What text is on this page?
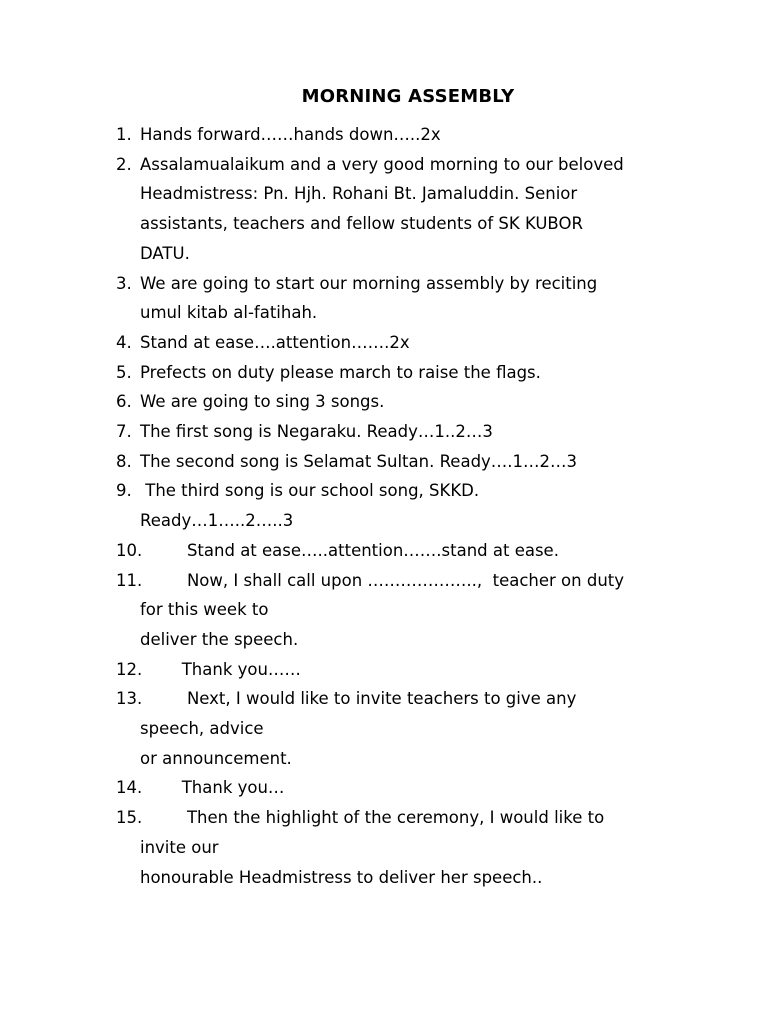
MORNING ASSEMBLY
1. Hands forward……hands down…..2x
2. Assalamualaikum and a very good morning to our beloved
Headmistress: Pn. Hjh. Rohani Bt. Jamaluddin. Senior
assistants, teachers and fellow students of SK KUBOR
DATU.
3. We are going to start our morning assembly by reciting
umul kitab al-fatihah.
4. Stand at ease….attention…….2x
5. Prefects on duty please march to raise the flags.
6. We are going to sing 3 songs.
7. The first song is Negaraku. Ready…1..2…3
8. The second song is Selamat Sultan. Ready….1…2…3
9. The third song is our school song, SKKD.
Ready…1…..2…..3
10. Stand at ease…..attention…….stand at ease.
11. Now, I shall call upon ………………..,  teacher on duty
for this week to
deliver the speech.
12. Thank you……
13. Next, I would like to invite teachers to give any
speech, advice
or announcement.
14. Thank you…
15. Then the highlight of the ceremony, I would like to
invite our
honourable Headmistress to deliver her speech..
